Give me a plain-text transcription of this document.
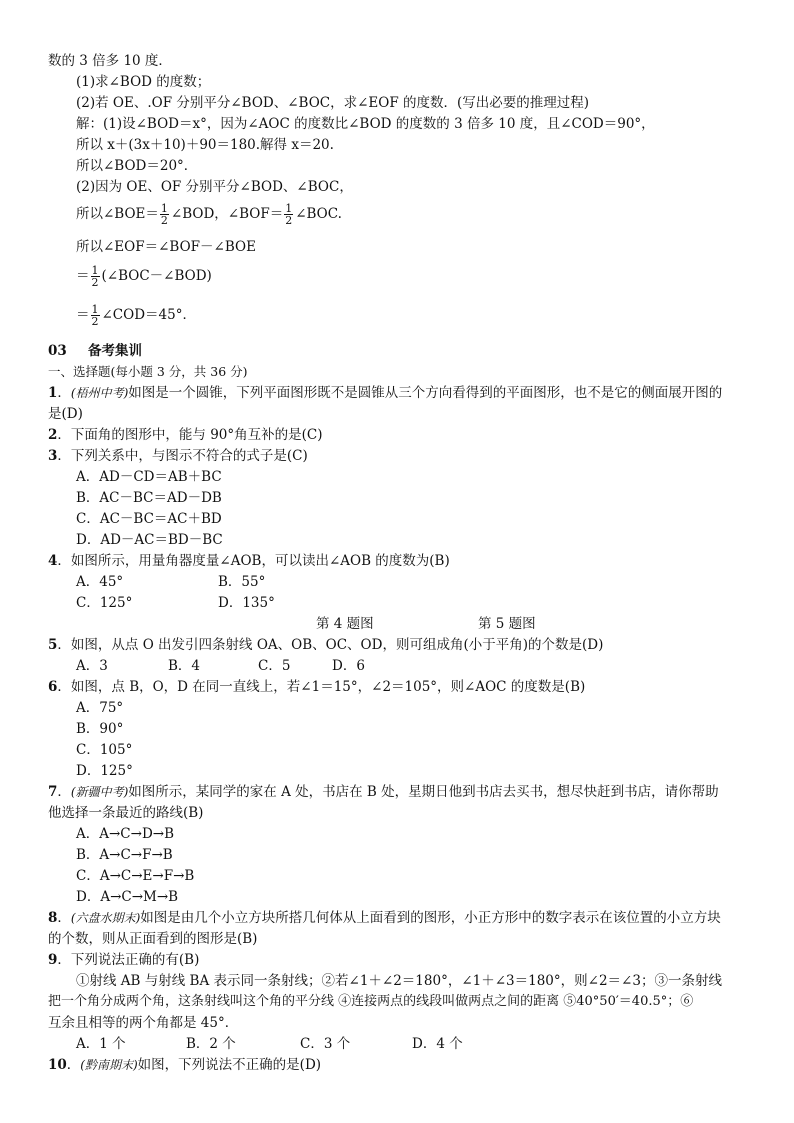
数的 3 倍多 10 度．
(1)求∠BOD 的度数；
(2)若 OE、.OF 分别平分∠BOD、∠BOC，求∠EOF 的度数．(写出必要的推理过程)
解：(1)设∠BOD＝x°，因为∠AOC 的度数比∠BOD 的度数的 3 倍多 10 度，且∠COD＝90°，
所以 x＋(3x＋10)＋90＝180.解得 x＝20.
所以∠BOD＝20°．
(2)因为 OE、OF 分别平分∠BOD、∠BOC，
所以∠BOE＝ $\frac{1}{2}$ ∠BOD，∠BOF＝ $\frac{1}{2}$ ∠BOC.
所以∠EOF＝∠BOF－∠BOE
＝ $\frac{1}{2}$ (∠BOC－∠BOD)
＝ $\frac{1}{2}$ ∠COD＝45°．
03 备考集训
一、选择题(每小题 3 分，共 36 分)
1．(梧州中考)如图是一个圆锥，下列平面图形既不是圆锥从三个方向看得到的平面图形，也不是它的侧面展开图的
是(D)
2．下面角的图形中，能与 90°角互补的是(C)
3．下列关系中，与图示不符合的式子是(C)
A．AD－CD＝AB＋BC
B．AC－BC＝AD－DB
C．AC－BC＝AC＋BD
D．AD－AC＝BD－BC
4．如图所示，用量角器度量∠AOB，可以读出∠AOB 的度数为(B)
A．45°	B．55°
C．125°	D．135°
第 4 题图	第 5 题图
5．如图，从点 O 出发引四条射线 OA、OB、OC、OD，则可组成角(小于平角)的个数是(D)
A．3	B．4	C．5	D．6
6．如图，点 B，O，D 在同一直线上，若∠1＝15°，∠2＝105°，则∠AOC 的度数是(B)
A．75°
B．90°
C．105°
D．125°
7．(新疆中考)如图所示，某同学的家在 A 处，书店在 B 处，星期日他到书店去买书，想尽快赶到书店，请你帮助
他选择一条最近的路线(B)
A．A→C→D→B
B．A→C→F→B
C．A→C→E→F→B
D．A→C→M→B
8．(六盘水期末)如图是由几个小立方块所搭几何体从上面看到的图形，小正方形中的数字表示在该位置的小立方块
的个数，则从正面看到的图形是(B)
9．下列说法正确的有(B)
①射线 AB 与射线 BA 表示同一条射线；②若∠1＋∠2＝180°，∠1＋∠3＝180°，则∠2＝∠3；③一条射线
把一个角分成两个角，这条射线叫这个角的平分线 ④连接两点的线段叫做两点之间的距离 ⑤40°50′＝40.5°；⑥
互余且相等的两个角都是 45°．
A．1 个	B．2 个	C．3 个	D．4 个
10．(黔南期末)如图，下列说法不正确的是(D)
